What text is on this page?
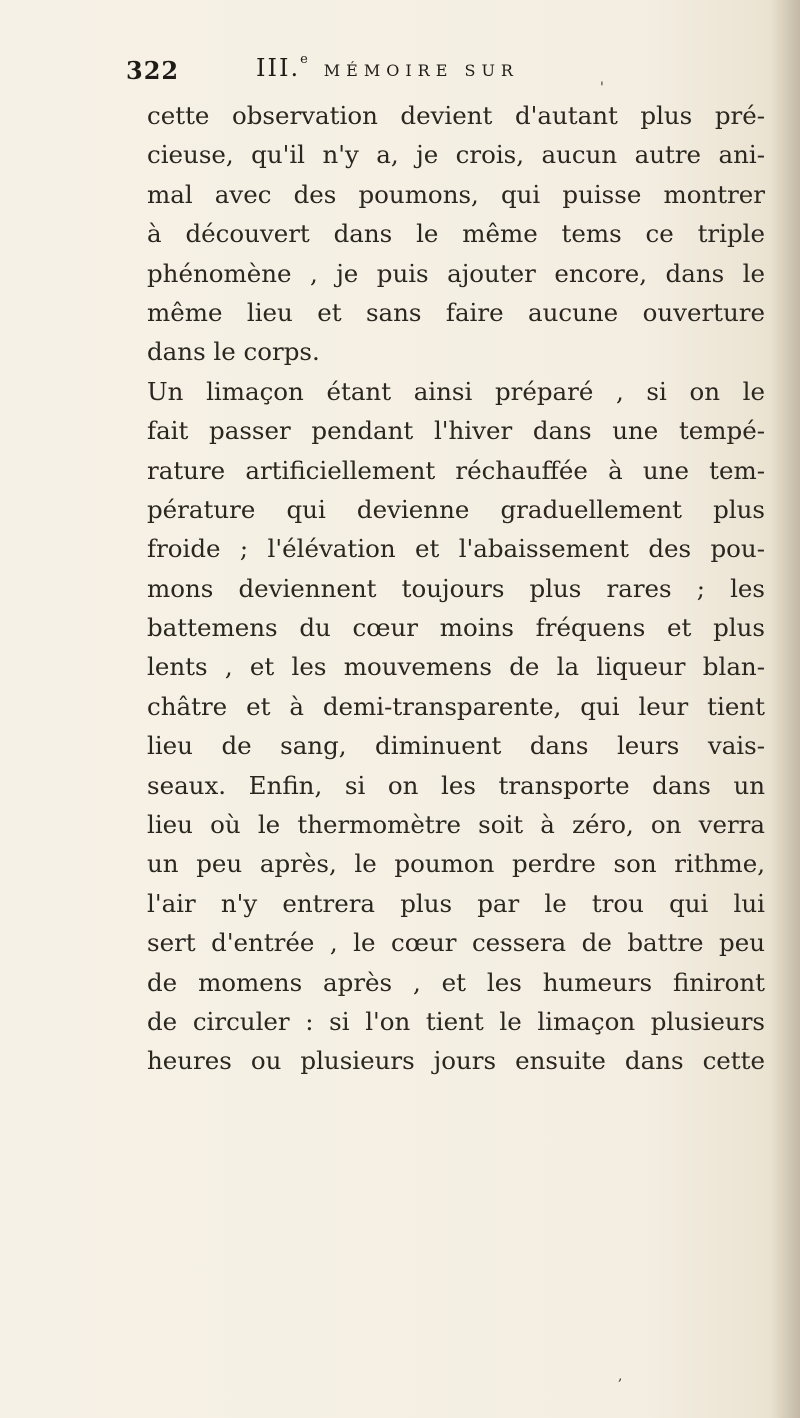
322	III.$^e$MÉMOIRE SUR
cette observation devient d'autant plus pré-
cieuse, qu'il n'y a, je crois, aucun autre ani-
mal avec des poumons, qui puisse montrer
à découvert dans le même tems ce triple
phénomène , je puis ajouter encore, dans le
même lieu et sans faire aucune ouverture
dans le corps.
Un limaçon étant ainsi préparé , si on le
fait passer pendant l'hiver dans une tempé-
rature artificiellement réchauffée à une tem-
pérature qui devienne graduellement plus
froide ; l'élévation et l'abaissement des pou-
mons deviennent toujours plus rares ; les
battemens du cœur moins fréquens et plus
lents , et les mouvemens de la liqueur blan-
châtre et à demi-transparente, qui leur tient
lieu de sang, diminuent dans leurs vais-
seaux. Enfin, si on les transporte dans un
lieu où le thermomètre soit à zéro, on verra
un peu après, le poumon perdre son rithme,
l'air n'y entrera plus par le trou qui lui
sert d'entrée , le cœur cessera de battre peu
de momens après , et les humeurs finiront
de circuler : si l'on tient le limaçon plusieurs
heures ou plusieurs jours ensuite dans cette
'
,
